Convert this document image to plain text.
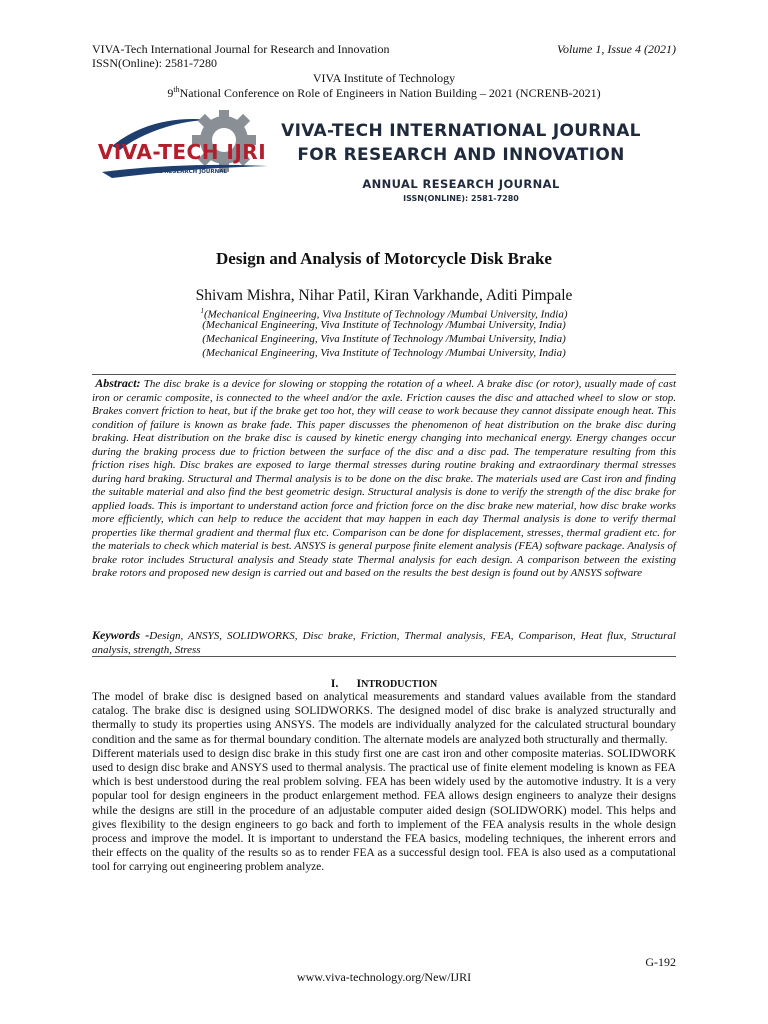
VIVA-Tech International Journal for Research and Innovation
ISSN(Online): 2581-7280
Volume 1, Issue 4 (2021)
VIVA Institute of Technology
9thNational Conference on Role of Engineers in Nation Building – 2021 (NCRENB-2021)
VIVA-TECH IJRI
ANNUAL RESEARCH JOURNAL
VIVA-TECH INTERNATIONAL JOURNAL
FOR RESEARCH AND INNOVATION
ANNUAL RESEARCH JOURNAL
ISSN(ONLINE): 2581-7280
Design and Analysis of Motorcycle Disk Brake
Shivam Mishra, Nihar Patil, Kiran Varkhande, Aditi Pimpale
$^1$(Mechanical Engineering, Viva Institute of Technology /Mumbai University, India)
(Mechanical Engineering, Viva Institute of Technology /Mumbai University, India)
(Mechanical Engineering, Viva Institute of Technology /Mumbai University, India)
(Mechanical Engineering, Viva Institute of Technology /Mumbai University, India)
Abstract: The disc brake is a device for slowing or stopping the rotation of a wheel. A brake disc (or rotor), usually made of cast iron or ceramic composite, is connected to the wheel and/or the axle. Friction causes the disc and attached wheel to slow or stop. Brakes convert friction to heat, but if the brake get too hot, they will cease to work because they cannot dissipate enough heat. This condition of failure is known as brake fade. This paper discusses the phenomenon of heat distribution on the brake disc during braking. Heat distribution on the brake disc is caused by kinetic energy changing into mechanical energy. Energy changes occur during the braking process due to friction between the surface of the disc and a disc pad. The temperature resulting from this friction rises high. Disc brakes are exposed to large thermal stresses during routine braking and extraordinary thermal stresses during hard braking. Structural and Thermal analysis is to be done on the disc brake. The materials used are Cast iron and finding the suitable material and also find the best geometric design. Structural analysis is done to verify the strength of the disc brake for applied loads. This is important to understand action force and friction force on the disc brake new material, how disc brake works more efficiently, which can help to reduce the accident that may happen in each day Thermal analysis is done to verify thermal properties like thermal gradient and thermal flux etc. Comparison can be done for displacement, stresses, thermal gradient etc. for the materials to check which material is best. ANSYS is general purpose finite element analysis (FEA) software package. Analysis of brake rotor includes Structural analysis and Steady state Thermal analysis for each design. A comparison between the existing brake rotors and proposed new design is carried out and based on the results the best design is found out by ANSYS software
Keywords -Design, ANSYS, SOLIDWORKS, Disc brake, Friction, Thermal analysis, FEA, Comparison, Heat flux, Structural analysis, strength, Stress
I. INTRODUCTION

The model of brake disc is designed based on analytical measurements and standard values available from the standard catalog. The brake disc is designed using SOLIDWORKS. The designed model of disc brake is analyzed structurally and thermally to study its properties using ANSYS. The models are individually analyzed for the calculated structural boundary condition and the same as for thermal boundary condition. The alternate models are analyzed both structurally and thermally.

Different materials used to design disc brake in this study first one are cast iron and other composite materias. SOLIDWORK used to design disc brake and ANSYS used to thermal analysis. The practical use of finite element modeling is known as FEA which is best understood during the real problem solving. FEA has been widely used by the automotive industry. It is a very popular tool for design engineers in the product enlargement method. FEA allows design engineers to analyze their designs while the designs are still in the procedure of an adjustable computer aided design (SOLIDWORK) model. This helps and gives flexibility to the design engineers to go back and forth to implement of the FEA analysis results in the whole design process and improve the model. It is important to understand the FEA basics, modeling techniques, the inherent errors and their effects on the quality of the results so as to render FEA as a successful design tool. FEA is also used as a computational tool for carrying out engineering problem analyze.

G-192
www.viva-technology.org/New/IJRI
